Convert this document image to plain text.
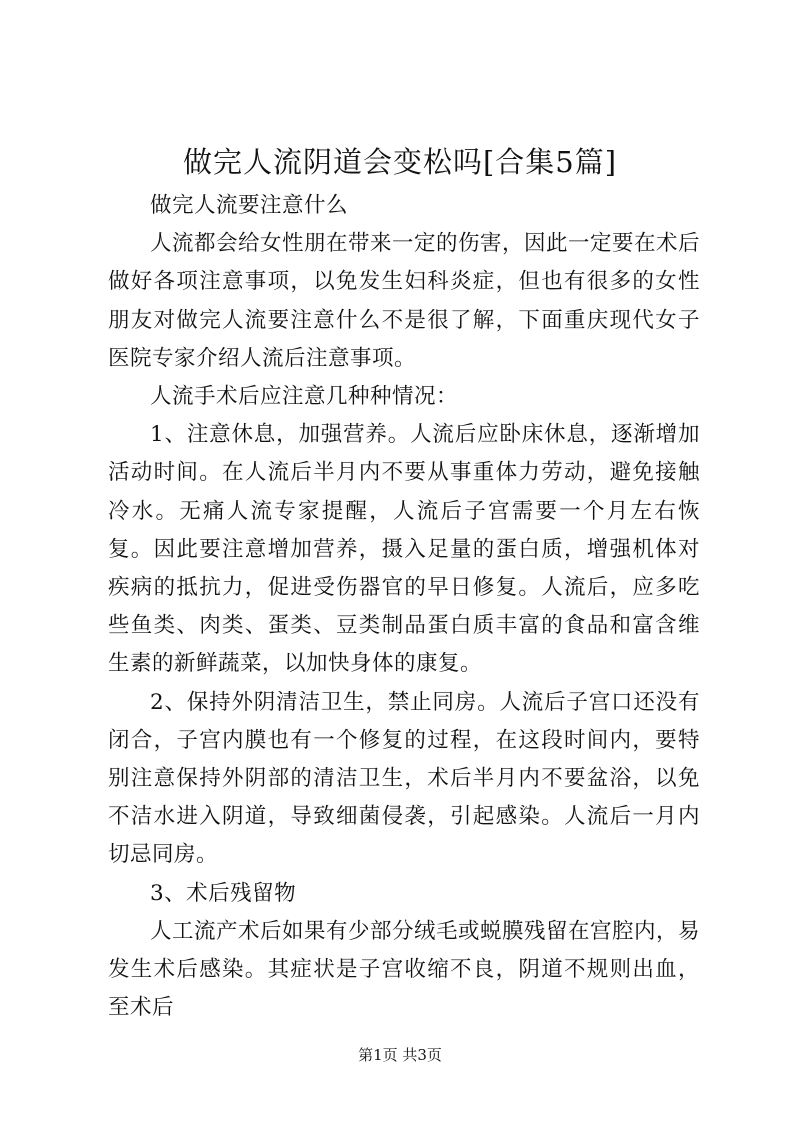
做完人流阴道会变松吗[合集5篇]

做完人流要注意什么

人流都会给女性朋在带来一定的伤害，因此一定要在术后做好各项注意事项，以免发生妇科炎症，但也有很多的女性朋友对做完人流要注意什么不是很了解，下面重庆现代女子医院专家介绍人流后注意事项。

人流手术后应注意几种种情况：

1、注意休息，加强营养。人流后应卧床休息，逐渐增加活动时间。在人流后半月内不要从事重体力劳动，避免接触冷水。无痛人流专家提醒，人流后子宫需要一个月左右恢复。因此要注意增加营养，摄入足量的蛋白质，增强机体对疾病的抵抗力，促进受伤器官的早日修复。人流后，应多吃些鱼类、肉类、蛋类、豆类制品蛋白质丰富的食品和富含维生素的新鲜蔬菜，以加快身体的康复。

2、保持外阴清洁卫生，禁止同房。人流后子宫口还没有闭合，子宫内膜也有一个修复的过程，在这段时间内，要特别注意保持外阴部的清洁卫生，术后半月内不要盆浴，以免不洁水进入阴道，导致细菌侵袭，引起感染。人流后一月内切忌同房。

3、术后残留物

人工流产术后如果有少部分绒毛或蜕膜残留在宫腔内，易发生术后感染。其症状是子宫收缩不良，阴道不规则出血，至术后

第1页 共3页
